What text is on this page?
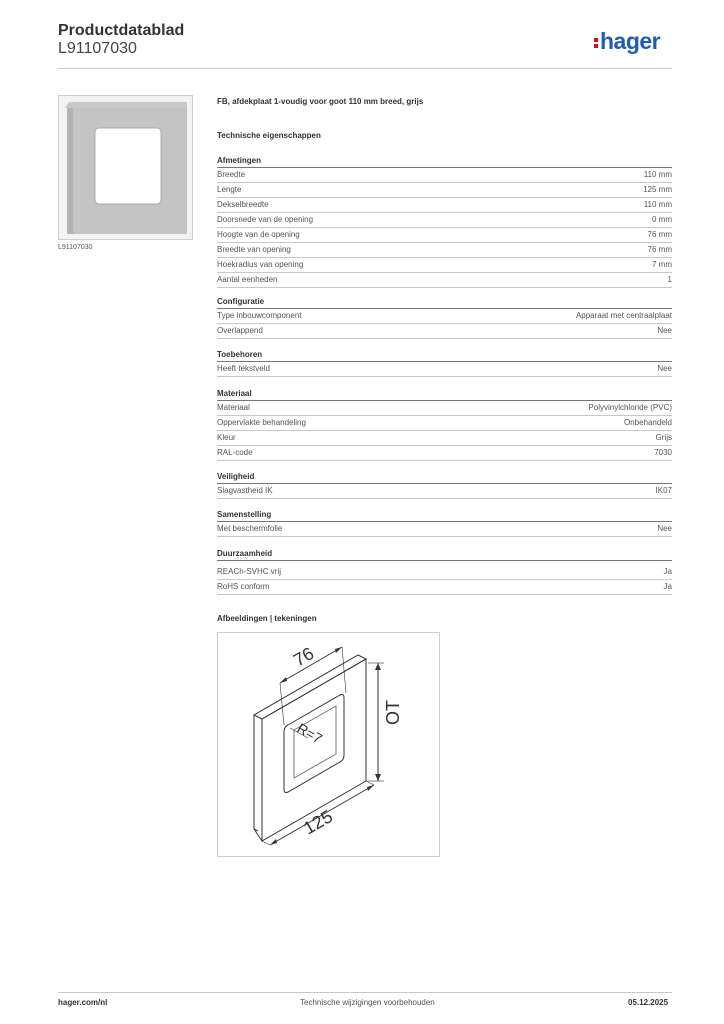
Productdatablad
L91107030	hager
L91107030
FB, afdekplaat 1-voudig voor goot 110 mm breed, grijs
Technische eigenschappen
Afmetingen
Breedte	110 mm
Lengte	125 mm
Dekselbreedte	110 mm
Doorsnede van de opening	0 mm
Hoogte van de opening	76 mm
Breedte van opening	76 mm
Hoekradius van opening	7 mm
Aantal eenheden	1
Configuratie
Type inbouwcomponent	Apparaat met centraalplaat
Overlappend	Nee
Toebehoren
Heeft tekstveld	Nee
Materiaal
Materiaal	Polyvinylchloride (PVC)
Oppervlakte behandeling	Onbehandeld
Kleur	Grijs
RAL-code	7030
Veiligheid
Slagvastheid IK	IK07
Samenstelling
Met beschermfolie	Nee
Duurzaamheid
REACh-SVHC vrij	Ja
RoHS conform	Ja
Afbeeldingen | tekeningen
76
OT
R=7
125
hager.com/nl	Technische wijzigingen voorbehouden	05.12.2025
